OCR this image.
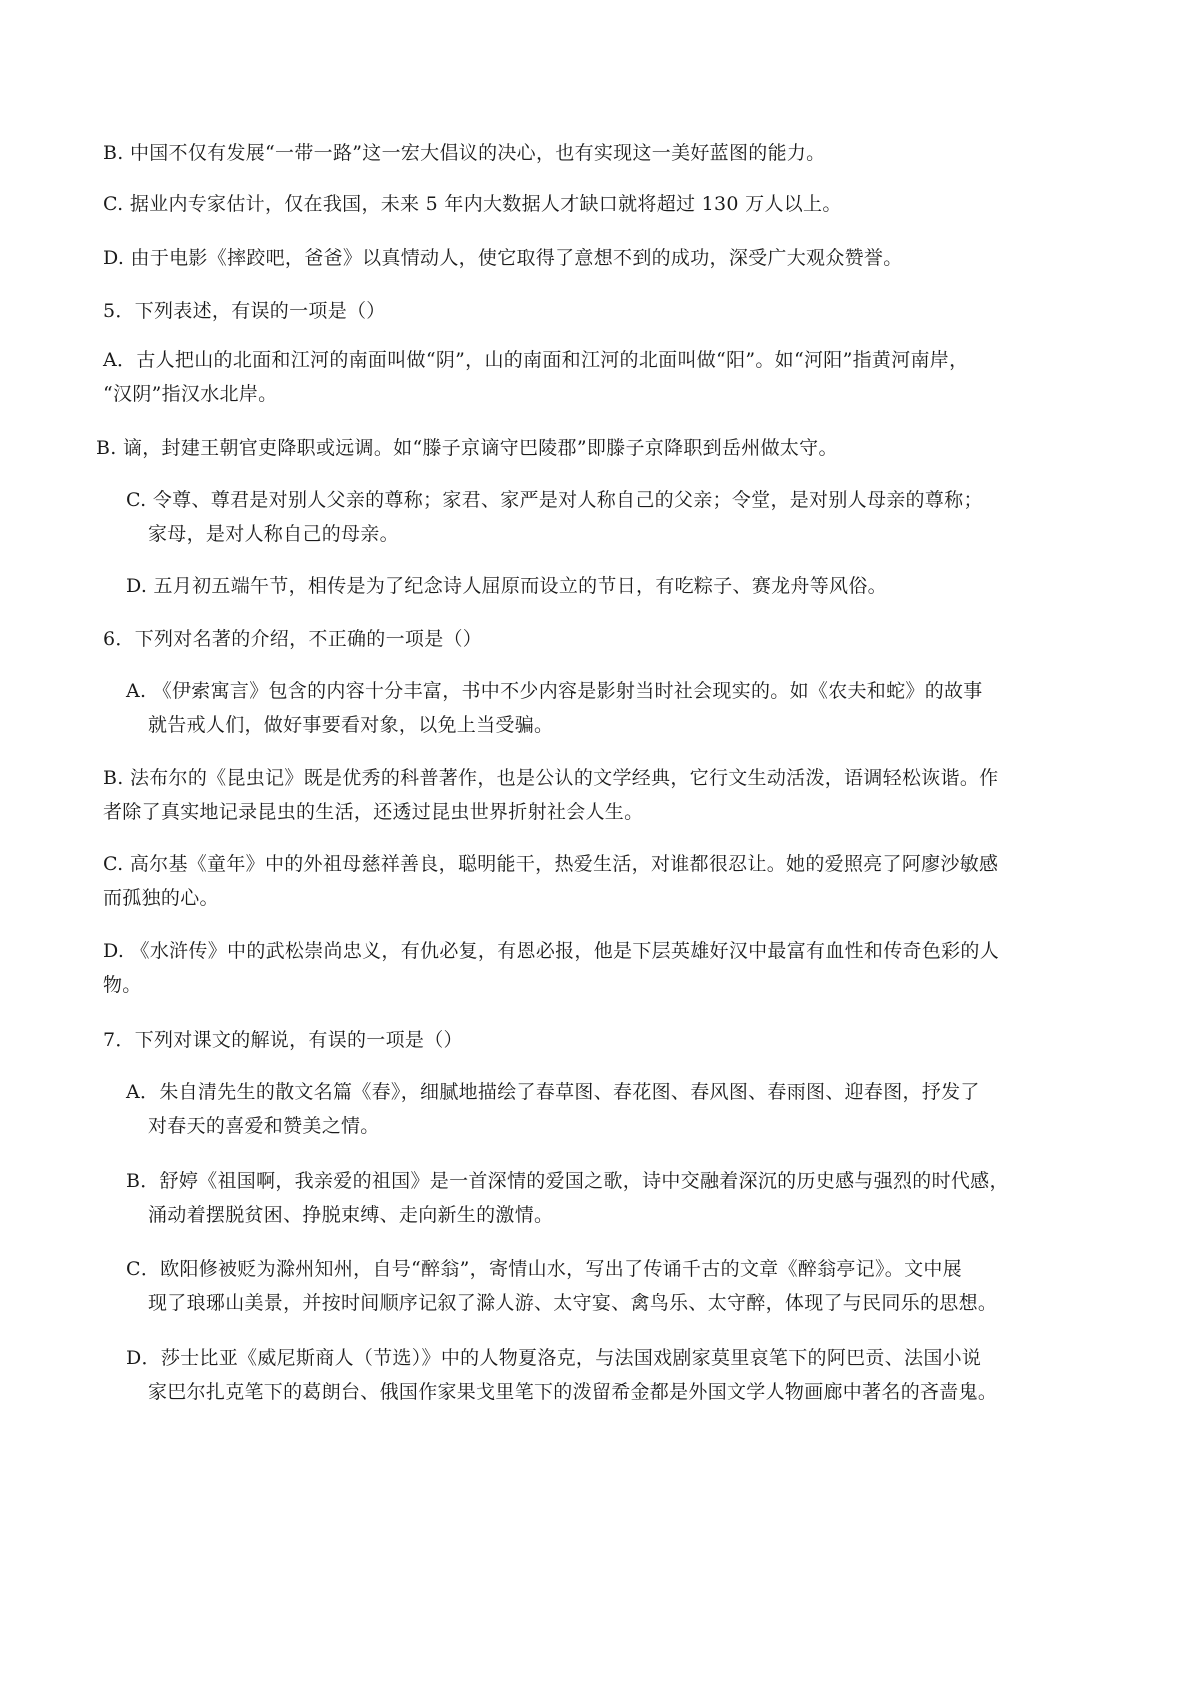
B. 中国不仅有发展“一带一路”这一宏大倡议的决心，也有实现这一美好蓝图的能力。
C. 据业内专家估计，仅在我国，未来 5 年内大数据人才缺口就将超过 130 万人以上。
D. 由于电影《摔跤吧，爸爸》以真情动人，使它取得了意想不到的成功，深受广大观众赞誉。
5．下列表述，有误的一项是（）
A．古人把山的北面和江河的南面叫做“阴”，山的南面和江河的北面叫做“阳”。如“河阳”指黄河南岸，
“汉阴”指汉水北岸。
B. 谪，封建王朝官吏降职或远调。如“滕子京谪守巴陵郡”即滕子京降职到岳州做太守。
C. 令尊、尊君是对别人父亲的尊称；家君、家严是对人称自己的父亲；令堂，是对别人母亲的尊称；
家母，是对人称自己的母亲。
D. 五月初五端午节，相传是为了纪念诗人屈原而设立的节日，有吃粽子、赛龙舟等风俗。
6．下列对名著的介绍，不正确的一项是（）
A. 《伊索寓言》包含的内容十分丰富，书中不少内容是影射当时社会现实的。如《农夫和蛇》的故事
就告戒人们，做好事要看对象，以免上当受骗。
B. 法布尔的《昆虫记》既是优秀的科普著作，也是公认的文学经典，它行文生动活泼，语调轻松诙谐。作
者除了真实地记录昆虫的生活，还透过昆虫世界折射社会人生。
C. 高尔基《童年》中的外祖母慈祥善良，聪明能干，热爱生活，对谁都很忍让。她的爱照亮了阿廖沙敏感
而孤独的心。
D. 《水浒传》中的武松崇尚忠义，有仇必复，有恩必报，他是下层英雄好汉中最富有血性和传奇色彩的人
物。
7．下列对课文的解说，有误的一项是（）
A．朱自清先生的散文名篇《春》，细腻地描绘了春草图、春花图、春风图、春雨图、迎春图，抒发了
对春天的喜爱和赞美之情。
B．舒婷《祖国啊，我亲爱的祖国》是一首深情的爱国之歌，诗中交融着深沉的历史感与强烈的时代感，
涌动着摆脱贫困、挣脱束缚、走向新生的激情。
C．欧阳修被贬为滁州知州，自号“醉翁”，寄情山水，写出了传诵千古的文章《醉翁亭记》。文中展
现了琅琊山美景，并按时间顺序记叙了滁人游、太守宴、禽鸟乐、太守醉，体现了与民同乐的思想。
D．莎士比亚《威尼斯商人（节选）》中的人物夏洛克，与法国戏剧家莫里哀笔下的阿巴贡、法国小说
家巴尔扎克笔下的葛朗台、俄国作家果戈里笔下的泼留希金都是外国文学人物画廊中著名的吝啬鬼。
